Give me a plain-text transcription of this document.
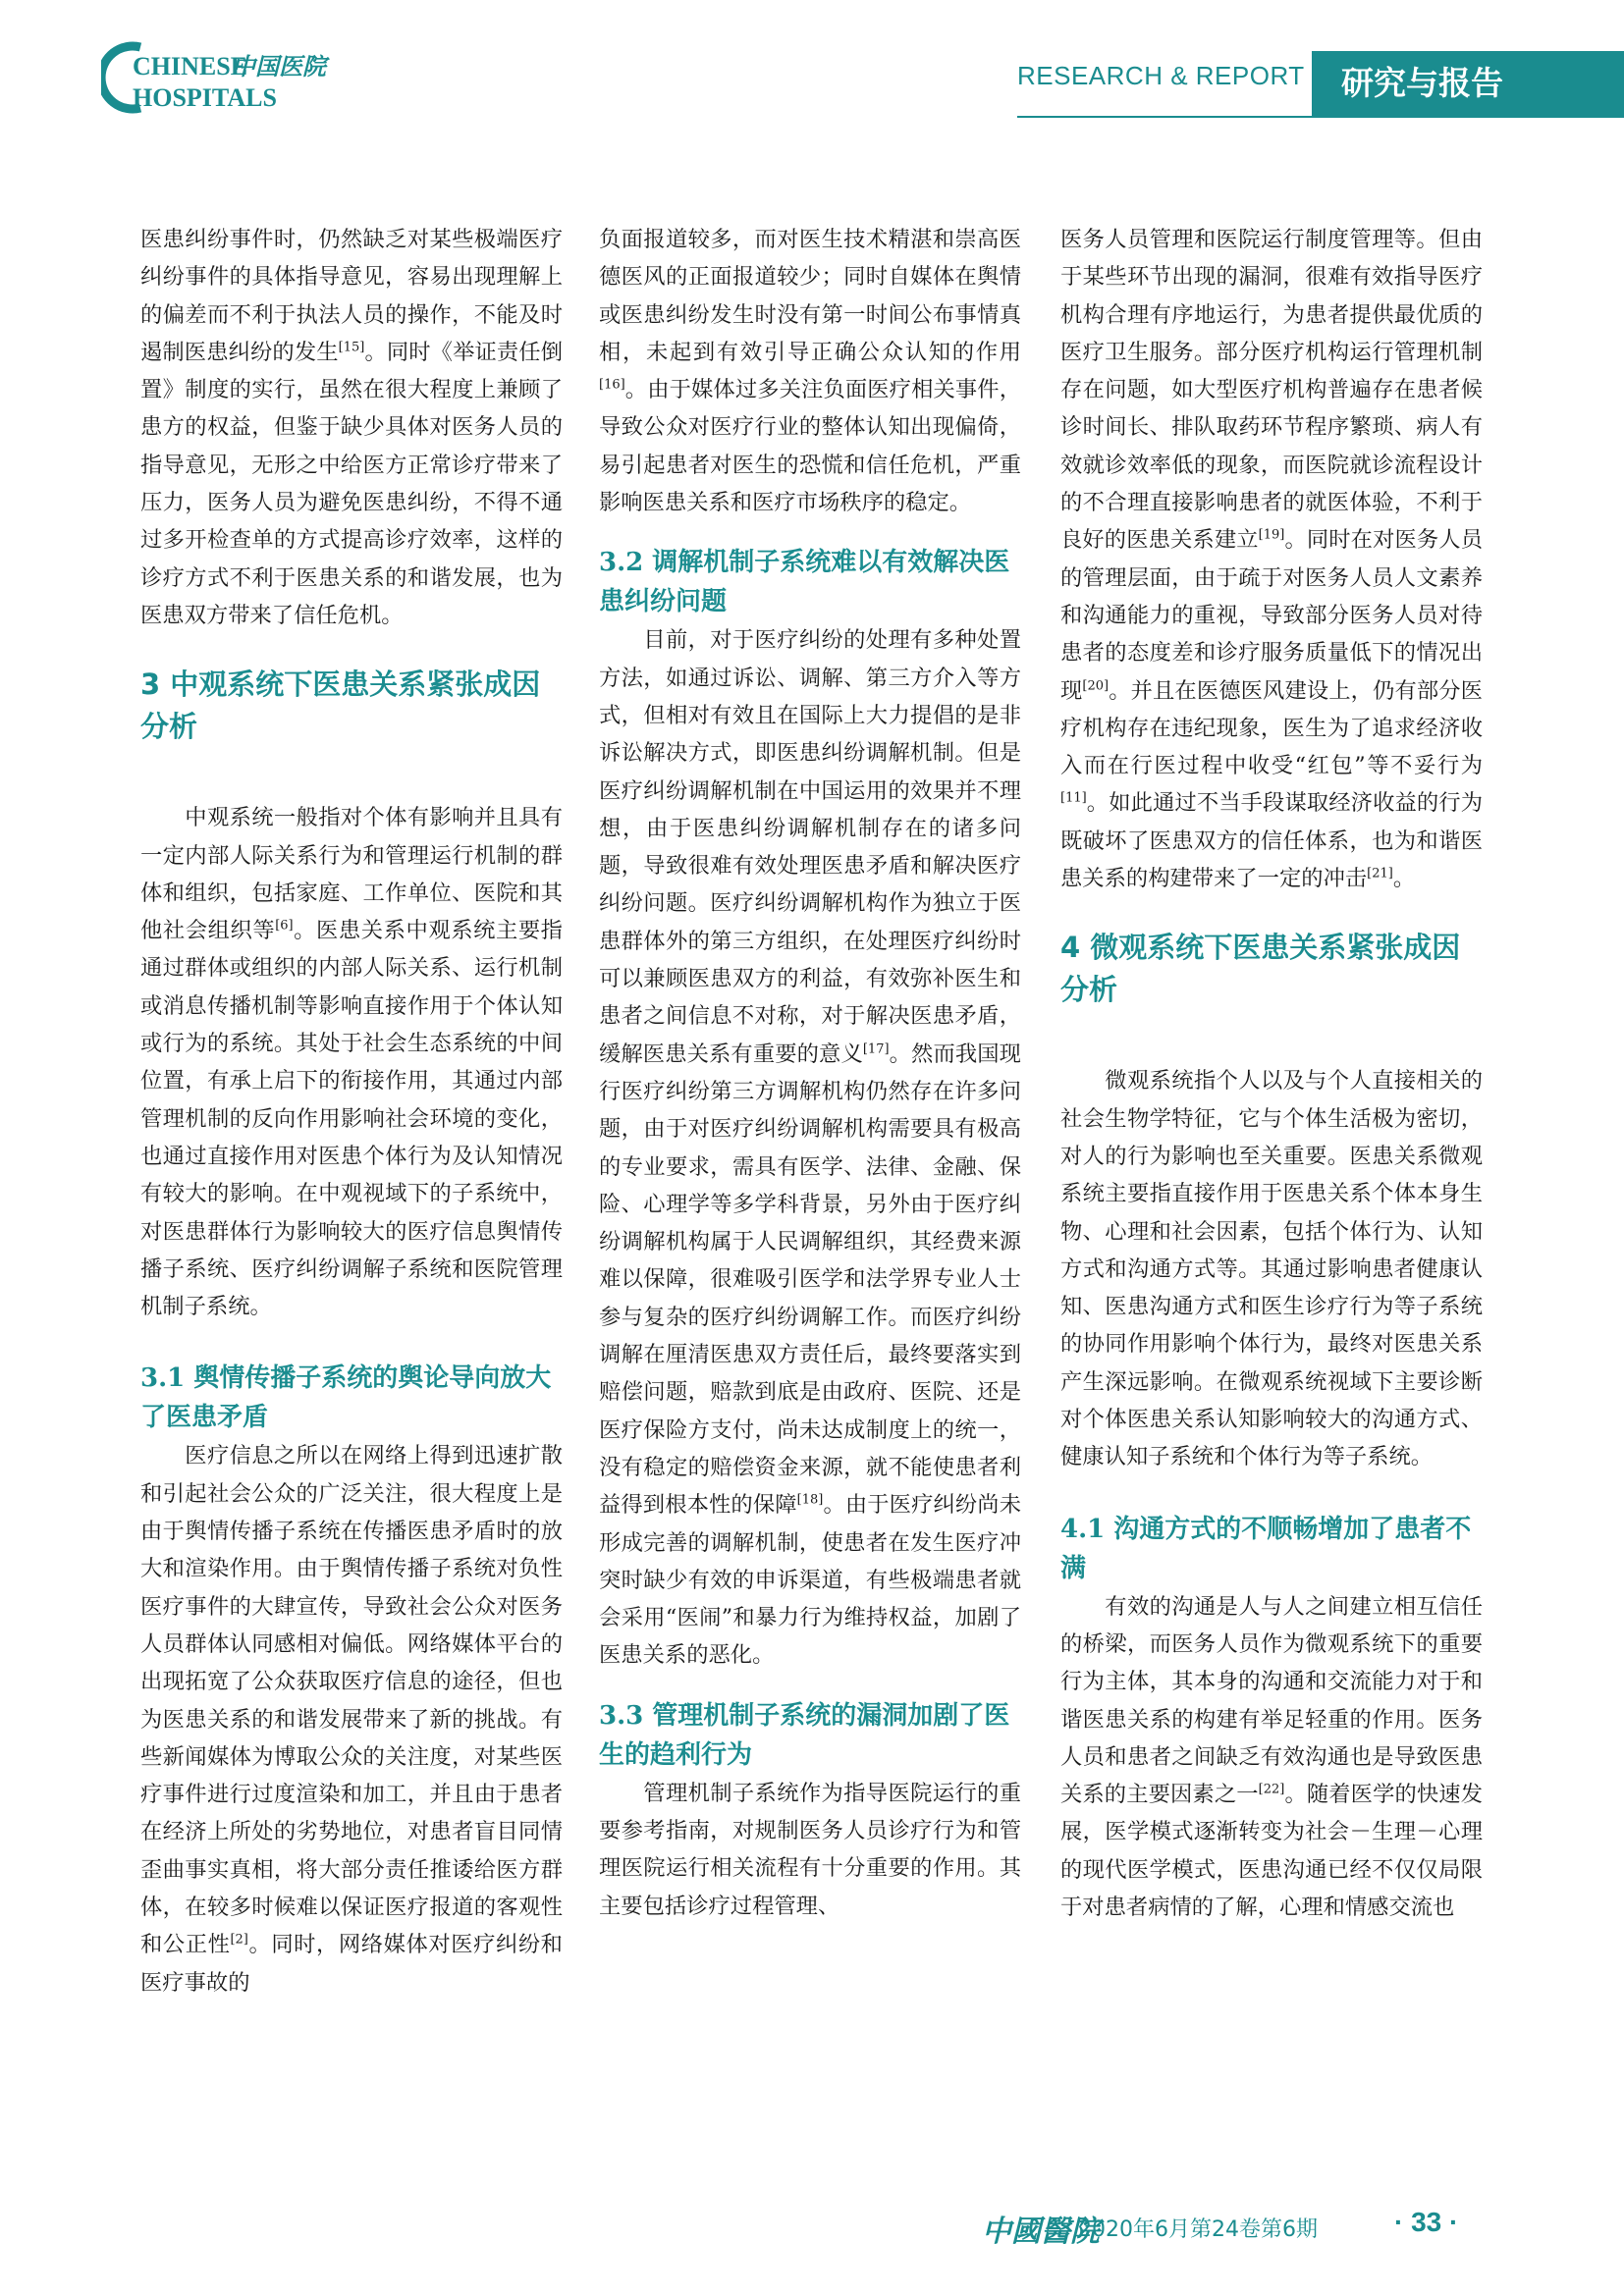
CHINESE
HOSPITALS
中国医院	RESEARCH & REPORT	研究与报告

医患纠纷事件时，仍然缺乏对某些极端医疗纠纷事件的具体指导意见，容易出现理解上的偏差而不利于执法人员的操作，不能及时遏制医患纠纷的发生[15]。同时《举证责任倒置》制度的实行，虽然在很大程度上兼顾了患方的权益，但鉴于缺少具体对医务人员的指导意见，无形之中给医方正常诊疗带来了压力，医务人员为避免医患纠纷，不得不通过多开检查单的方式提高诊疗效率，这样的诊疗方式不利于医患关系的和谐发展，也为医患双方带来了信任危机。

3 中观系统下医患关系紧张成因分析

　　中观系统一般指对个体有影响并且具有一定内部人际关系行为和管理运行机制的群体和组织，包括家庭、工作单位、医院和其他社会组织等[6]。医患关系中观系统主要指通过群体或组织的内部人际关系、运行机制或消息传播机制等影响直接作用于个体认知或行为的系统。其处于社会生态系统的中间位置，有承上启下的衔接作用，其通过内部管理机制的反向作用影响社会环境的变化，也通过直接作用对医患个体行为及认知情况有较大的影响。在中观视域下的子系统中，对医患群体行为影响较大的医疗信息舆情传播子系统、医疗纠纷调解子系统和医院管理机制子系统。

3.1 舆情传播子系统的舆论导向放大了医患矛盾

　　医疗信息之所以在网络上得到迅速扩散和引起社会公众的广泛关注，很大程度上是由于舆情传播子系统在传播医患矛盾时的放大和渲染作用。由于舆情传播子系统对负性医疗事件的大肆宣传，导致社会公众对医务人员群体认同感相对偏低。网络媒体平台的出现拓宽了公众获取医疗信息的途径，但也为医患关系的和谐发展带来了新的挑战。有些新闻媒体为博取公众的关注度，对某些医疗事件进行过度渲染和加工，并且由于患者在经济上所处的劣势地位，对患者盲目同情歪曲事实真相，将大部分责任推诿给医方群体，在较多时候难以保证医疗报道的客观性和公正性[2]。同时，网络媒体对医疗纠纷和医疗事故的

负面报道较多，而对医生技术精湛和崇高医德医风的正面报道较少；同时自媒体在舆情或医患纠纷发生时没有第一时间公布事情真相，未起到有效引导正确公众认知的作用[16]。由于媒体过多关注负面医疗相关事件，导致公众对医疗行业的整体认知出现偏倚，易引起患者对医生的恐慌和信任危机，严重影响医患关系和医疗市场秩序的稳定。

3.2 调解机制子系统难以有效解决医患纠纷问题

　　目前，对于医疗纠纷的处理有多种处置方法，如通过诉讼、调解、第三方介入等方式，但相对有效且在国际上大力提倡的是非诉讼解决方式，即医患纠纷调解机制。但是医疗纠纷调解机制在中国运用的效果并不理想，由于医患纠纷调解机制存在的诸多问题，导致很难有效处理医患矛盾和解决医疗纠纷问题。医疗纠纷调解机构作为独立于医患群体外的第三方组织，在处理医疗纠纷时可以兼顾医患双方的利益，有效弥补医生和患者之间信息不对称，对于解决医患矛盾，缓解医患关系有重要的意义[17]。然而我国现行医疗纠纷第三方调解机构仍然存在许多问题，由于对医疗纠纷调解机构需要具有极高的专业要求，需具有医学、法律、金融、保险、心理学等多学科背景，另外由于医疗纠纷调解机构属于人民调解组织，其经费来源难以保障，很难吸引医学和法学界专业人士参与复杂的医疗纠纷调解工作。而医疗纠纷调解在厘清医患双方责任后，最终要落实到赔偿问题，赔款到底是由政府、医院、还是医疗保险方支付，尚未达成制度上的统一，没有稳定的赔偿资金来源，就不能使患者利益得到根本性的保障[18]。由于医疗纠纷尚未形成完善的调解机制，使患者在发生医疗冲突时缺少有效的申诉渠道，有些极端患者就会采用“医闹”和暴力行为维持权益，加剧了医患关系的恶化。

3.3 管理机制子系统的漏洞加剧了医生的趋利行为

　　管理机制子系统作为指导医院运行的重要参考指南，对规制医务人员诊疗行为和管理医院运行相关流程有十分重要的作用。其主要包括诊疗过程管理、

医务人员管理和医院运行制度管理等。但由于某些环节出现的漏洞，很难有效指导医疗机构合理有序地运行，为患者提供最优质的医疗卫生服务。部分医疗机构运行管理机制存在问题，如大型医疗机构普遍存在患者候诊时间长、排队取药环节程序繁琐、病人有效就诊效率低的现象，而医院就诊流程设计的不合理直接影响患者的就医体验，不利于良好的医患关系建立[19]。同时在对医务人员的管理层面，由于疏于对医务人员人文素养和沟通能力的重视，导致部分医务人员对待患者的态度差和诊疗服务质量低下的情况出现[20]。并且在医德医风建设上，仍有部分医疗机构存在违纪现象，医生为了追求经济收入而在行医过程中收受“红包”等不妥行为[11]。如此通过不当手段谋取经济收益的行为既破坏了医患双方的信任体系，也为和谐医患关系的构建带来了一定的冲击[21]。

4 微观系统下医患关系紧张成因分析

　　微观系统指个人以及与个人直接相关的社会生物学特征，它与个体生活极为密切，对人的行为影响也至关重要。医患关系微观系统主要指直接作用于医患关系个体本身生物、心理和社会因素，包括个体行为、认知方式和沟通方式等。其通过影响患者健康认知、医患沟通方式和医生诊疗行为等子系统的协同作用影响个体行为，最终对医患关系产生深远影响。在微观系统视域下主要诊断对个体医患关系认知影响较大的沟通方式、健康认知子系统和个体行为等子系统。

4.1 沟通方式的不顺畅增加了患者不满

　　有效的沟通是人与人之间建立相互信任的桥梁，而医务人员作为微观系统下的重要行为主体，其本身的沟通和交流能力对于和谐医患关系的构建有举足轻重的作用。医务人员和患者之间缺乏有效沟通也是导致医患关系的主要因素之一[22]。随着医学的快速发展，医学模式逐渐转变为社会－生理－心理的现代医学模式，医患沟通已经不仅仅局限于对患者病情的了解，心理和情感交流也

中國醫院
2020年6月第24卷第6期	· 33 ·
